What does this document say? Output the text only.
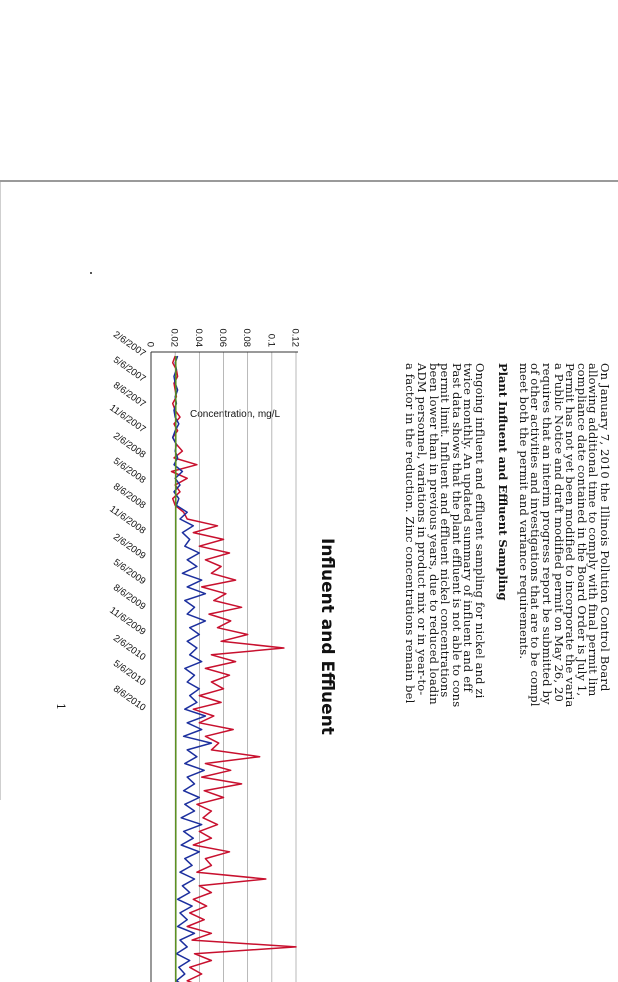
On January 7, 2010 the Illinois Pollution Control Board
allowing additional time to comply with final permit lim
compliance date contained in the Board Order is July 1,
Permit has not yet been modified to incorporate the varia
a Public Notice and draft modified permit on May 26, 20
requires that an interim progress report be submitted by
of other activities and investigations that are to be compl
meet both the permit and variance requirements.
Plant Influent and Effluent Sampling
Ongoing influent and effluent sampling for nickel and zi
twice monthly. An updated summary of influent and eff
Past data shows that the plant effluent is not able to cons
permit limit. Influent and effluent nickel concentrations
been lower than in previous years, due to reduced loadin
ADM personnel, variations in product mix or in year-to-
a factor in the reduction. Zinc concentrations remain bel
Influent and Effluent
Concentration, mg/L
0 0.02 0.04 0.06 0.08 0.1 0.12
2/6/2007
5/6/2007
8/6/2007
11/6/2007
2/6/2008
5/6/2008
8/6/2008
11/6/2008
2/6/2009
5/6/2009
8/6/2009
11/6/2009
2/6/2010
5/6/2010
8/6/2010
1
